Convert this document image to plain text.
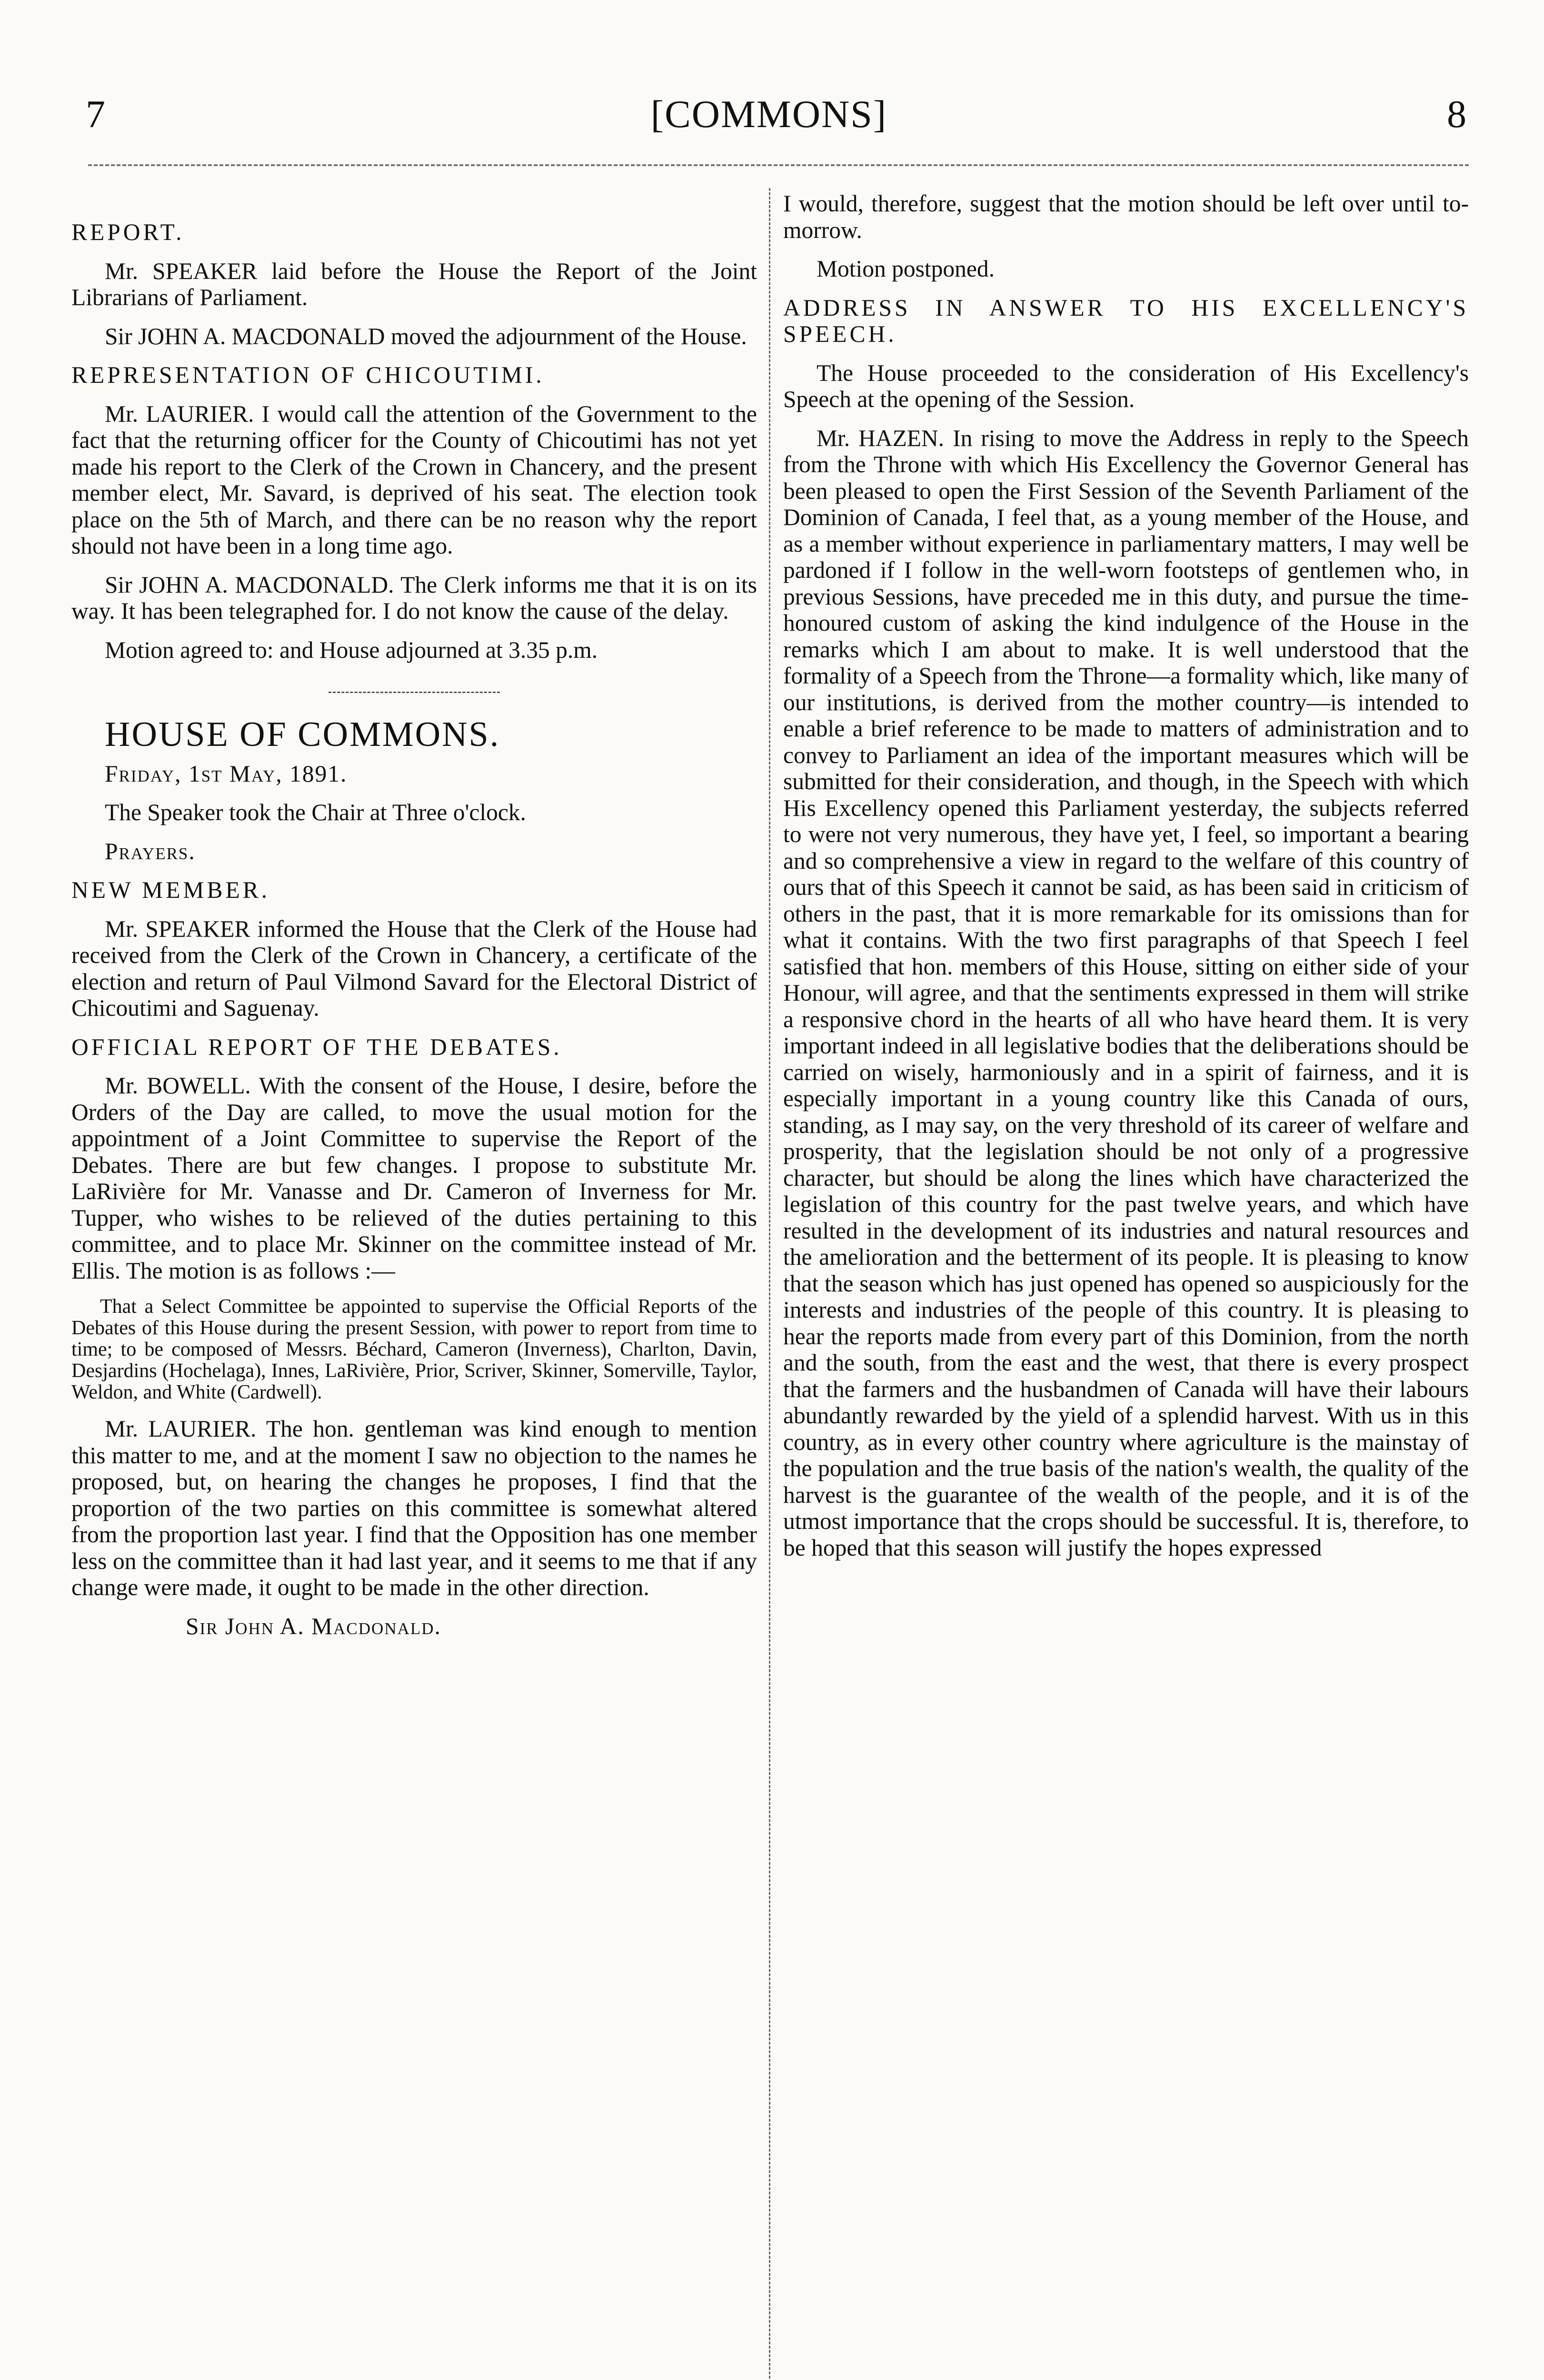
7	[COMMONS]	8

REPORT.

Mr. SPEAKER laid before the House the Report of the Joint Librarians of Parliament.

Sir JOHN A. MACDONALD moved the adjournment of the House.

REPRESENTATION OF CHICOUTIMI.

Mr. LAURIER. I would call the attention of the Government to the fact that the returning officer for the County of Chicoutimi has not yet made his report to the Clerk of the Crown in Chancery, and the present member elect, Mr. Savard, is deprived of his seat. The election took place on the 5th of March, and there can be no reason why the report should not have been in a long time ago.

Sir JOHN A. MACDONALD. The Clerk informs me that it is on its way. It has been telegraphed for. I do not know the cause of the delay.

Motion agreed to: and House adjourned at 3.35 p.m.

HOUSE OF COMMONS.

Friday, 1st May, 1891.

The Speaker took the Chair at Three o'clock.

Prayers.

NEW MEMBER.

Mr. SPEAKER informed the House that the Clerk of the House had received from the Clerk of the Crown in Chancery, a certificate of the election and return of Paul Vilmond Savard for the Electoral District of Chicoutimi and Saguenay.

OFFICIAL REPORT OF THE DEBATES.

Mr. BOWELL. With the consent of the House, I desire, before the Orders of the Day are called, to move the usual motion for the appointment of a Joint Committee to supervise the Report of the Debates. There are but few changes. I propose to substitute Mr. LaRivière for Mr. Vanasse and Dr. Cameron of Inverness for Mr. Tupper, who wishes to be relieved of the duties pertaining to this committee, and to place Mr. Skinner on the committee instead of Mr. Ellis. The motion is as follows :—

That a Select Committee be appointed to supervise the Official Reports of the Debates of this House during the present Session, with power to report from time to time; to be composed of Messrs. Béchard, Cameron (Inverness), Charlton, Davin, Desjardins (Hochelaga), Innes, LaRivière, Prior, Scriver, Skinner, Somerville, Taylor, Weldon, and White (Cardwell).

Mr. LAURIER. The hon. gentleman was kind enough to mention this matter to me, and at the moment I saw no objection to the names he proposed, but, on hearing the changes he proposes, I find that the proportion of the two parties on this committee is somewhat altered from the proportion last year. I find that the Opposition has one member less on the committee than it had last year, and it seems to me that if any change were made, it ought to be made in the other direction.

Sir John A. Macdonald.

I would, therefore, suggest that the motion should be left over until to-morrow.

Motion postponed.

ADDRESS IN ANSWER TO HIS EXCELLENCY'S SPEECH.

The House proceeded to the consideration of His Excellency's Speech at the opening of the Session.

Mr. HAZEN. In rising to move the Address in reply to the Speech from the Throne with which His Excellency the Governor General has been pleased to open the First Session of the Seventh Parliament of the Dominion of Canada, I feel that, as a young member of the House, and as a member without experience in parliamentary matters, I may well be pardoned if I follow in the well-worn footsteps of gentlemen who, in previous Sessions, have preceded me in this duty, and pursue the time-honoured custom of asking the kind indulgence of the House in the remarks which I am about to make. It is well understood that the formality of a Speech from the Throne—a formality which, like many of our institutions, is derived from the mother country—is intended to enable a brief reference to be made to matters of administration and to convey to Parliament an idea of the important measures which will be submitted for their consideration, and though, in the Speech with which His Excellency opened this Parliament yesterday, the subjects referred to were not very numerous, they have yet, I feel, so important a bearing and so comprehensive a view in regard to the welfare of this country of ours that of this Speech it cannot be said, as has been said in criticism of others in the past, that it is more remarkable for its omissions than for what it contains. With the two first paragraphs of that Speech I feel satisfied that hon. members of this House, sitting on either side of your Honour, will agree, and that the sentiments expressed in them will strike a responsive chord in the hearts of all who have heard them. It is very important indeed in all legislative bodies that the deliberations should be carried on wisely, harmoniously and in a spirit of fairness, and it is especially important in a young country like this Canada of ours, standing, as I may say, on the very threshold of its career of welfare and prosperity, that the legislation should be not only of a progressive character, but should be along the lines which have characterized the legislation of this country for the past twelve years, and which have resulted in the development of its industries and natural resources and the amelioration and the betterment of its people. It is pleasing to know that the season which has just opened has opened so auspiciously for the interests and industries of the people of this country. It is pleasing to hear the reports made from every part of this Dominion, from the north and the south, from the east and the west, that there is every prospect that the farmers and the husbandmen of Canada will have their labours abundantly rewarded by the yield of a splendid harvest. With us in this country, as in every other country where agriculture is the mainstay of the population and the true basis of the nation's wealth, the quality of the harvest is the guarantee of the wealth of the people, and it is of the utmost importance that the crops should be successful. It is, therefore, to be hoped that this season will justify the hopes expressed
